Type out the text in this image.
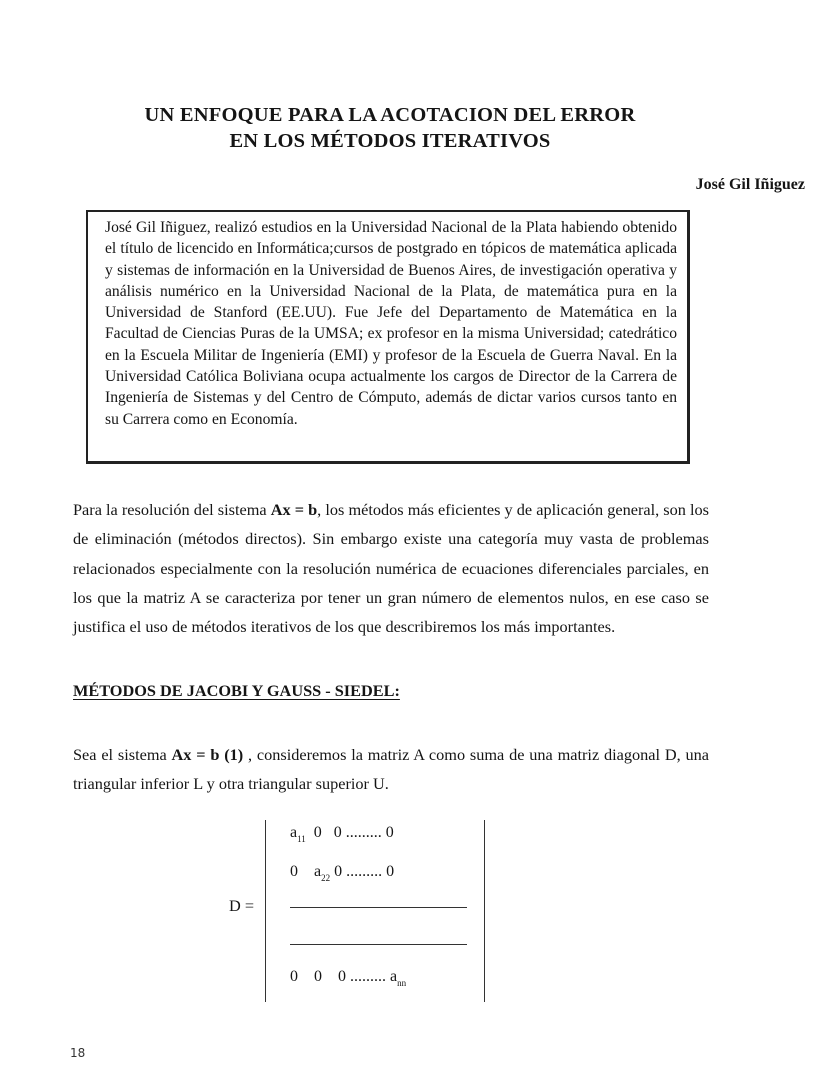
UN ENFOQUE PARA LA ACOTACION DEL ERROR
EN LOS MÉTODOS ITERATIVOS
José Gil Iñiguez
José Gil Iñiguez, realizó estudios en la Universidad Nacional de la Plata habiendo obtenido el título de licencido en Informática;cursos de postgrado en tópicos de matemática aplicada y sistemas de información en la Universidad de Buenos Aires, de investigación operativa y análisis numérico en la Universidad Nacional de la Plata, de matemática pura en la Universidad de Stanford (EE.UU). Fue Jefe del Departamento de Matemática en la Facultad de Ciencias Puras de la UMSA; ex profesor en la misma Universidad; catedrático en la Escuela Militar de Ingeniería (EMI) y profesor de la Escuela de Guerra Naval. En la Universidad Católica Boliviana ocupa actualmente los cargos de Director de la Carrera de Ingeniería de Sistemas y del Centro de Cómputo, además de dictar varios cursos tanto en su Carrera como en Economía.
Para la resolución del sistema Ax = b, los métodos más eficientes y de aplicación general, son los de eliminación (métodos directos). Sin embargo existe una categoría muy vasta de problemas relacionados especialmente con la resolución numérica de ecuaciones diferenciales parciales, en los que la matriz A se caracteriza por tener un gran número de elementos nulos, en ese caso se justifica el uso de métodos iterativos de los que describiremos los más importantes.
MÉTODOS DE JACOBI Y GAUSS - SIEDEL:
Sea el sistema Ax = b (1) , consideremos la matriz A como suma de una matriz diagonal D, una triangular inferior L y otra triangular superior U.
D =
$a_{11}$  0   0 ......... 0
0    $a_{22}$ 0 ......... 0
0    0    0 ......... $a_{nn}$
18
